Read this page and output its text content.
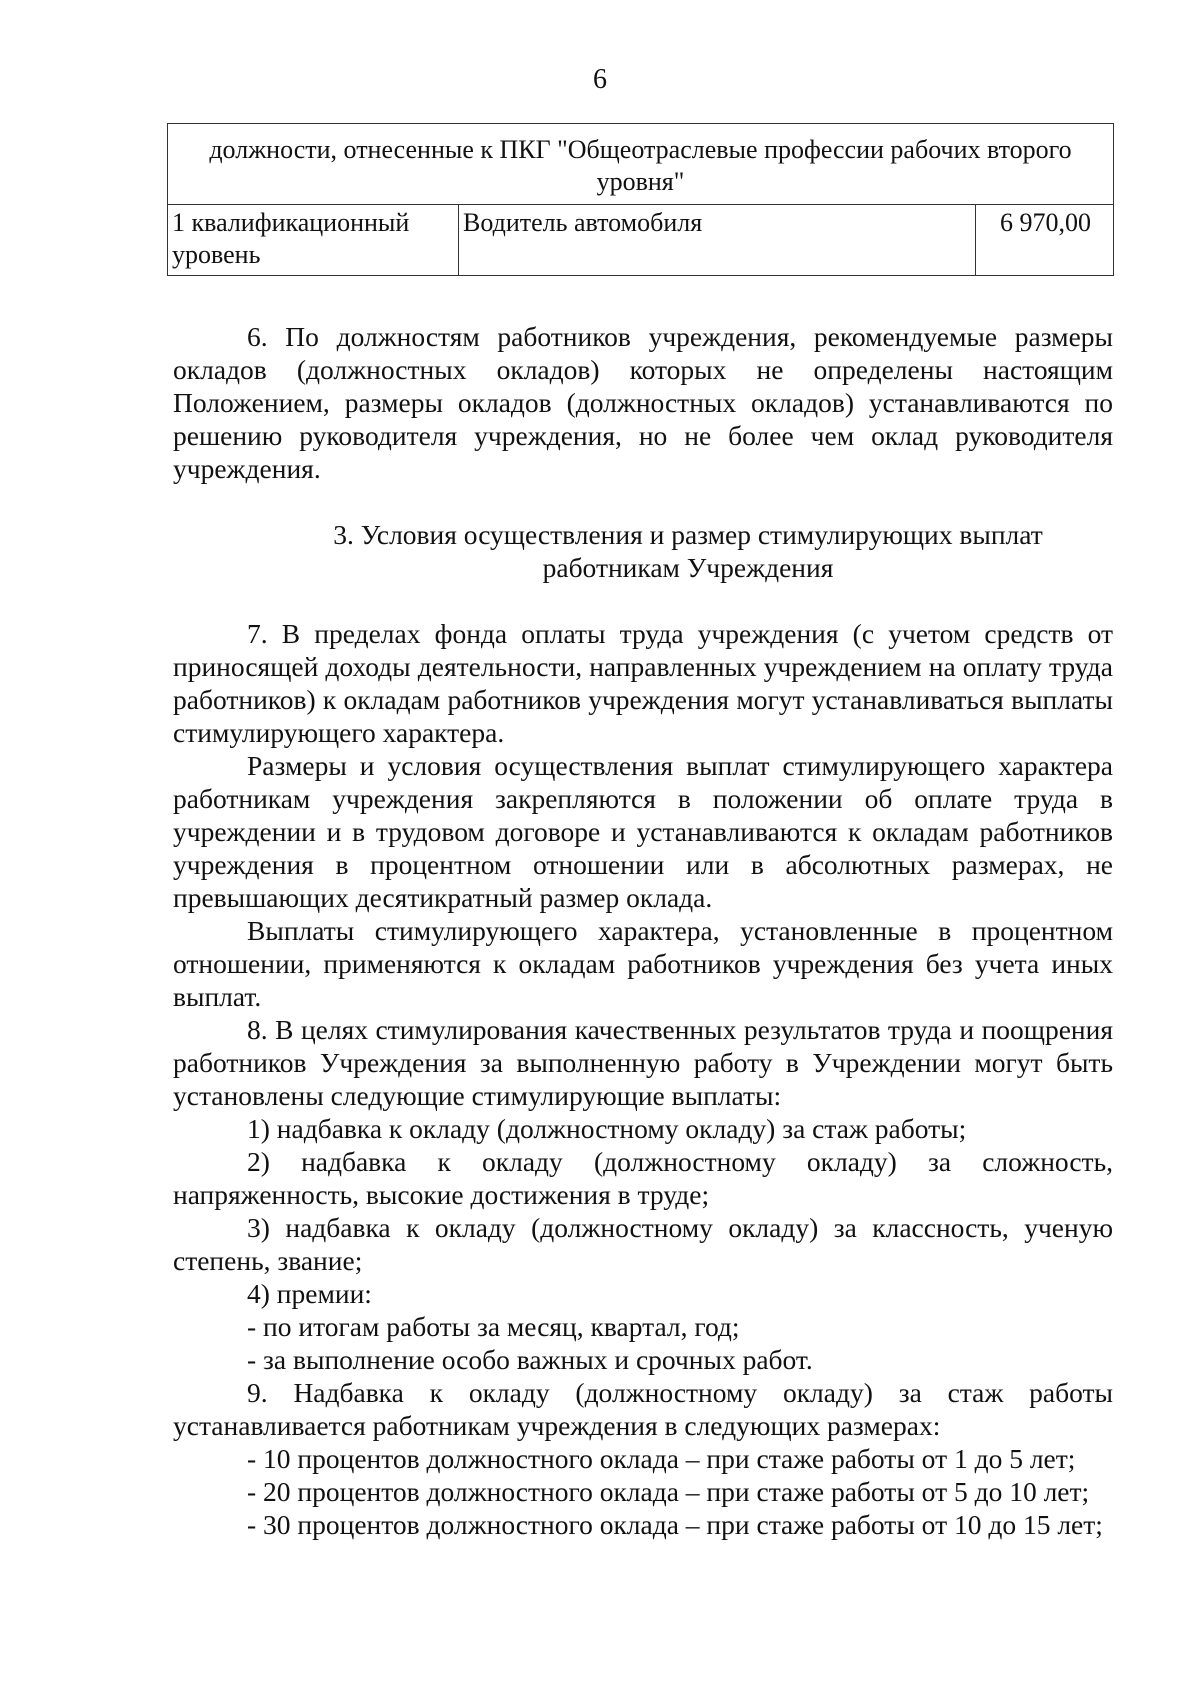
6
должности, отнесенные к ПКГ "Общеотраслевые профессии рабочих второго уровня"
1 квалификационный уровень	Водитель автомобиля	6 970,00

6. По должностям работников учреждения, рекомендуемые размеры окладов (должностных окладов) которых не определены настоящим Положением, размеры окладов (должностных окладов) устанавливаются по решению руководителя учреждения, но не более чем оклад руководителя учреждения.

3. Условия осуществления и размер стимулирующих выплат
работникам Учреждения

7. В пределах фонда оплаты труда учреждения (с учетом средств от приносящей доходы деятельности, направленных учреждением на оплату труда работников) к окладам работников учреждения могут устанавливаться выплаты стимулирующего характера.

Размеры и условия осуществления выплат стимулирующего характера работникам учреждения закрепляются в положении об оплате труда в учреждении и в трудовом договоре и устанавливаются к окладам работников учреждения в процентном отношении или в абсолютных размерах, не превышающих десятикратный размер оклада.

Выплаты стимулирующего характера, установленные в процентном отношении, применяются к окладам работников учреждения без учета иных выплат.

8. В целях стимулирования качественных результатов труда и поощрения работников Учреждения за выполненную работу в Учреждении могут быть установлены следующие стимулирующие выплаты:

1) надбавка к окладу (должностному окладу) за стаж работы;

2) надбавка к окладу (должностному окладу) за сложность, напряженность, высокие достижения в труде;

3) надбавка к окладу (должностному окладу) за классность, ученую степень, звание;

4) премии:

- по итогам работы за месяц, квартал, год;

- за выполнение особо важных и срочных работ.

9. Надбавка к окладу (должностному окладу) за стаж работы устанавливается работникам учреждения в следующих размерах:

- 10 процентов должностного оклада – при стаже работы от 1 до 5 лет;

- 20 процентов должностного оклада – при стаже работы от 5 до 10 лет;

- 30 процентов должностного оклада – при стаже работы от 10 до 15 лет;
